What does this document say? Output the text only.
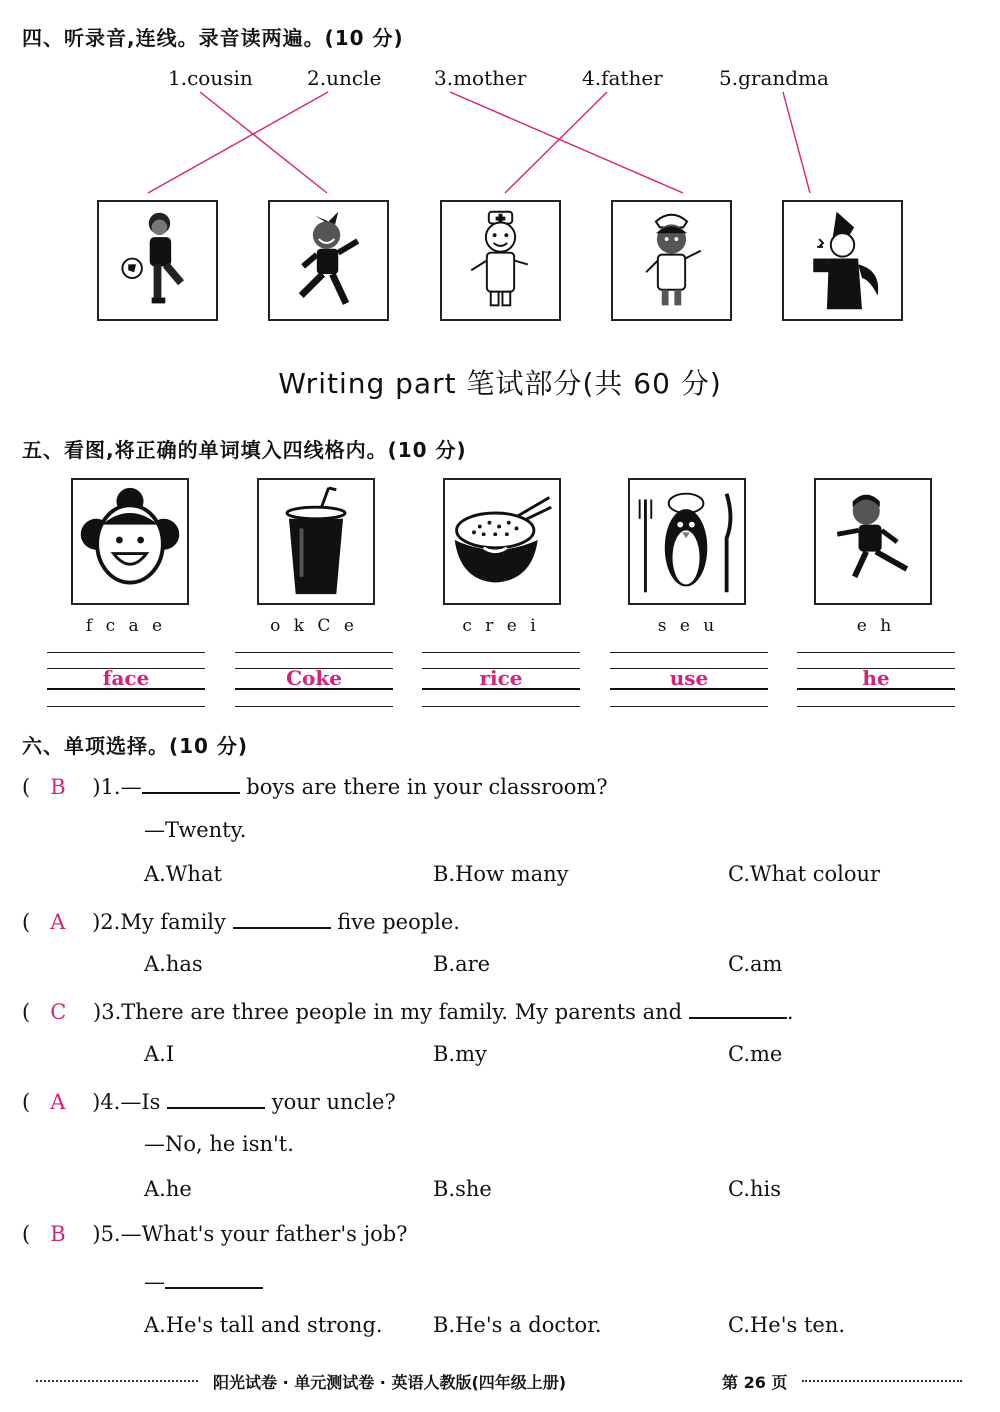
四、听录音,连线。录音读两遍。(10 分)
1.cousin	2.uncle	3.mother	4.father	5.grandma
Writing part 笔试部分(共 60 分)
五、看图,将正确的单词填入四线格内。(10 分)
f c a e	o k C e	c r e i	s e u	e h
face	Coke	rice	use	he
六、单项选择。(10 分)
( B )1.—	boys are there in your classroom?
—Twenty.
A.What	B.How many	C.What colour
( A )2.My family	five people.
A.has	B.are	C.am
( C )3.There are three people in my family. My parents and	.
A.I	B.my	C.me
( A )4.—Is	your uncle?
—No, he isn't.
A.he	B.she	C.his
( B )5.—What's your father's job?
—
A.He's tall and strong. B.He's a doctor.	C.He's ten.
阳光试卷 · 单元测试卷 · 英语人教版(四年级上册)	第 26 页
